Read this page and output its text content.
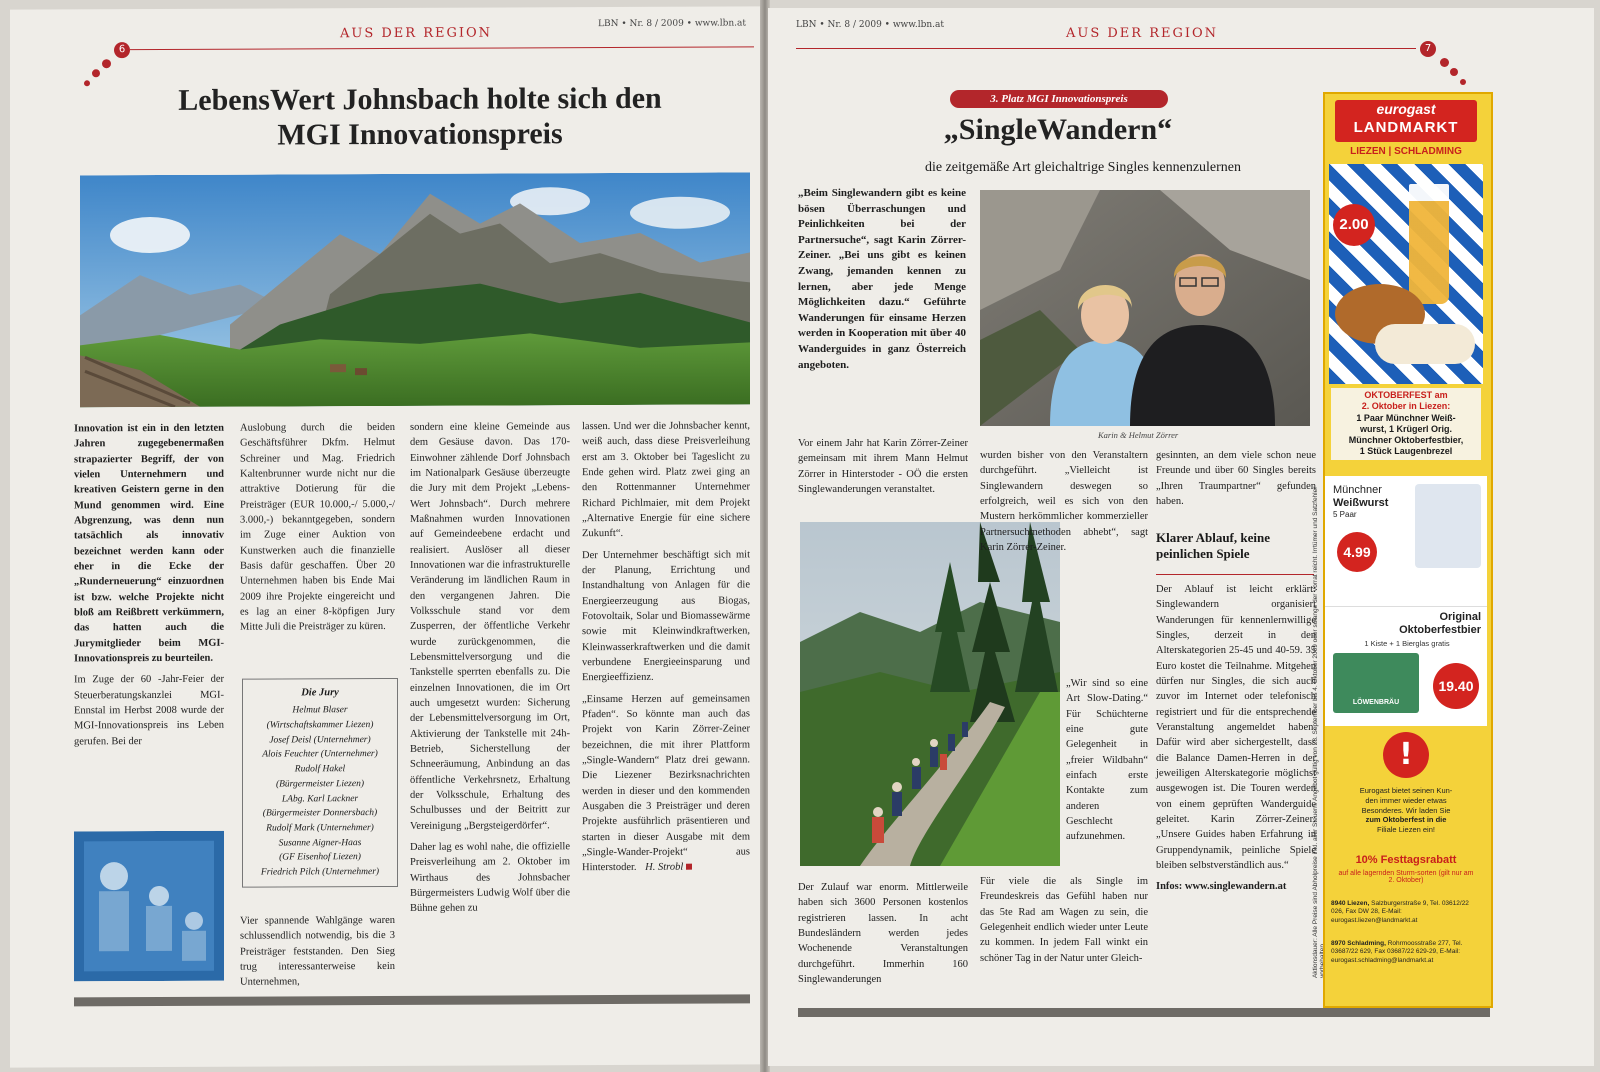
AUS DER REGION
LBN • Nr. 8 / 2009 • www.lbn.at
6
LebensWert Johnsbach holte sich den
MGI Innovationspreis

Innovation ist ein in den letzten Jahren zugegebenermaßen strapazierter Begriff, der von vielen Unternehmern und kreativen Geistern gerne in den Mund genommen wird. Eine Abgrenzung, was denn nun tatsächlich als innovativ bezeichnet werden kann oder eher in die Ecke der „Runderneuerung“ einzuordnen ist bzw. welche Projekte nicht bloß am Reißbrett verkümmern, das hatten auch die Jurymitglieder beim MGI-Innovationspreis zu beurteilen.

Im Zuge der 60 -Jahr-Feier der Steuerberatungskanzlei MGI-Ennstal im Herbst 2008 wurde der MGI-Innovationspreis ins Leben gerufen. Bei der

Auslobung durch die beiden Geschäftsführer Dkfm. Helmut Schreiner und Mag. Friedrich Kaltenbrunner wurde nicht nur die attraktive Dotierung für die Preisträger (EUR 10.000,-/ 5.000,-/ 3.000,-) bekanntgegeben, sondern im Zuge einer Auktion von Kunstwerken auch die finanzielle Basis dafür geschaffen. Über 20 Unternehmen haben bis Ende Mai 2009 ihre Projekte eingereicht und es lag an einer 8-köpfigen Jury Mitte Juli die Preisträger zu küren.

Die Jury
Helmut Blaser
(Wirtschaftskammer Liezen)
Josef Deisl (Unternehmer)
Alois Feuchter (Unternehmer)
Rudolf Hakel
(Bürgermeister Liezen)
LAbg. Karl Lackner
(Bürgermeister Donnersbach)
Rudolf Mark (Unternehmer)
Susanne Aigner-Haas
(GF Eisenhof Liezen)
Friedrich Pilch (Unternehmer)

Vier spannende Wahlgänge waren schlussendlich notwendig, bis die 3 Preisträger feststanden. Den Sieg trug interessanterweise kein Unternehmen,

sondern eine kleine Gemeinde aus dem Gesäuse davon. Das 170-Einwohner zählende Dorf Johnsbach im Nationalpark Gesäuse überzeugte die Jury mit dem Projekt „Lebens-Wert Johnsbach“. Durch mehrere Maßnahmen wurden Innovationen auf Gemeindeebene erdacht und realisiert. Auslöser all dieser Innovationen war die infrastrukturelle Veränderung im ländlichen Raum in den vergangenen Jahren. Die Volksschule stand vor dem Zusperren, der öffentliche Verkehr wurde zurückgenommen, die Lebensmittelversorgung und die Tankstelle sperrten ebenfalls zu. Die einzelnen Innovationen, die im Ort auch umgesetzt wurden: Sicherung der Lebensmittelversorgung im Ort, Aktivierung der Tankstelle mit 24h-Betrieb, Sicherstellung der Schneeräumung, Anbindung an das öffentliche Verkehrsnetz, Erhaltung der Volksschule, Erhaltung des Schulbusses und der Beitritt zur Vereinigung „Bergsteigerdörfer“.

Daher lag es wohl nahe, die offizielle Preisverleihung am 2. Oktober im Wirthaus des Johnsbacher Bürgermeisters Ludwig Wolf über die Bühne gehen zu

lassen. Und wer die Johnsbacher kennt, weiß auch, dass diese Preisverleihung erst am 3. Oktober bei Tageslicht zu Ende gehen wird. Platz zwei ging an den Rottenmanner Unternehmer Richard Pichlmaier, mit dem Projekt „Alternative Energie für eine sichere Zukunft“.

Der Unternehmer beschäftigt sich mit der Planung, Errichtung und Instandhaltung von Anlagen für die Energieerzeugung aus Biogas, Fotovoltaik, Solar und Biomassewärme sowie mit Kleinwindkraftwerken, Kleinwasserkraftwerken und die damit verbundene Energieeinsparung und Energieeffizienz.

„Einsame Herzen auf gemeinsamen Pfaden“. So könnte man auch das Projekt von Karin Zörrer-Zeiner bezeichnen, die mit ihrer Plattform „Single-Wandern“ Platz drei gewann. Die Liezener Bezirksnachrichten werden in dieser und den kommenden Ausgaben die 3 Preisträger und deren Projekte ausführlich präsentieren und starten in dieser Ausgabe mit dem „Single-Wander-Projekt“ aus Hinterstoder. H. Strobl

LBN • Nr. 8 / 2009 • www.lbn.at
AUS DER REGION
7
3. Platz MGI Innovationspreis
„SingleWandern“
die zeitgemäße Art gleichaltrige Singles kennenzulernen

„Beim Singlewandern gibt es keine bösen Überraschungen und Peinlichkeiten bei der Partnersuche“, sagt Karin Zörrer-Zeiner. „Bei uns gibt es keinen Zwang, jemanden kennen zu lernen, aber jede Menge Möglichkeiten dazu.“ Geführte Wanderungen für einsame Herzen werden in Kooperation mit über 40 Wanderguides in ganz Österreich angeboten.

Karin & Helmut Zörrer

Vor einem Jahr hat Karin Zörrer-Zeiner gemeinsam mit ihrem Mann Helmut Zörrer in Hinterstoder - OÖ die ersten Singlewanderungen veranstaltet.

Der Zulauf war enorm. Mittlerweile haben sich 3600 Personen kostenlos registrieren lassen. In acht Bundesländern werden jedes Wochenende Veranstaltungen durchgeführt. Immerhin 160 Singlewanderungen

wurden bisher von den Veranstaltern durchgeführt. „Vielleicht ist Singlewandern deswegen so erfolgreich, weil es sich von den Mustern herkömmlicher kommerzieller Partnersuchmethoden abhebt“, sagt Karin Zörrer-Zeiner.

„Wir sind so eine Art Slow-Dating.“ Für Schüchterne eine gute Gelegenheit in „freier Wildbahn“ einfach erste Kontakte zum anderen Geschlecht aufzunehmen.

Für viele die als Single im Freundeskreis das Gefühl haben nur das 5te Rad am Wagen zu sein, die Gelegenheit endlich wieder unter Leute zu kommen. In jedem Fall winkt ein schöner Tag in der Natur unter Gleich-

gesinnten, an dem viele schon neue Freunde und über 60 Singles bereits „Ihren Traumpartner“ gefunden haben.

Klarer Ablauf, keine peinlichen Spiele

Der Ablauf ist leicht erklärt: Singlewandern organisiert Wanderungen für kennenlernwillige Singles, derzeit in den Alterskategorien 25-45 und 40-59. 35 Euro kostet die Teilnahme. Mitgehen dürfen nur Singles, die sich auch zuvor im Internet oder telefonisch registriert und für die entsprechende Veranstaltung angemeldet haben. Dafür wird aber sichergestellt, dass die Balance Damen-Herren in der jeweiligen Alterskategorie möglichst ausgewogen ist. Die Touren werden von einem geprüften Wanderguide geleitet. Karin Zörrer-Zeiner: „Unsere Guides haben Erfahrung in Gruppendynamik, peinliche Spiele bleiben selbstverständlich aus.“

Infos: www.singlewandern.at

Aktionsdauer: Alle Preise sind Abholpreise inkl. aller Steuern. Angebot gültig von 28. September bis 4. Oktober 2009 oder solange der Vorrat reicht. Irrtümer und Satzfehler
eurogast
LANDMARKT
LIEZEN | SCHLADMING
2.00
OKTOBERFEST am
2. Oktober in Liezen:
1 Paar Münchner Weiß-
wurst, 1 Krügerl Orig.
Münchner Oktoberfestbier,
1 Stück Laugenbrezel
Münchner
Weißwurst
5 Paar
4.99
Original
Oktoberfestbier
1 Kiste + 1 Bierglas gratis
LÖWENBRÄU
19.40
!
Eurogast bietet seinen Kun-
den immer wieder etwas
Besonderes. Wir laden Sie
zum Oktoberfest in die
Filiale Liezen ein!
10% Festtagsrabatt
auf alle lagernden Sturm-sorten (gilt nur am 2. Oktober)
8940 Liezen, Salzburgerstraße 9, Tel. 03612/22 026, Fax DW 28, E-Mail: eurogast.liezen@landmarkt.at
8970 Schladming, Rohrmoosstraße 277, Tel. 03687/22 629, Fax 03687/22 629-29, E-Mail: eurogast.schladming@landmarkt.at
